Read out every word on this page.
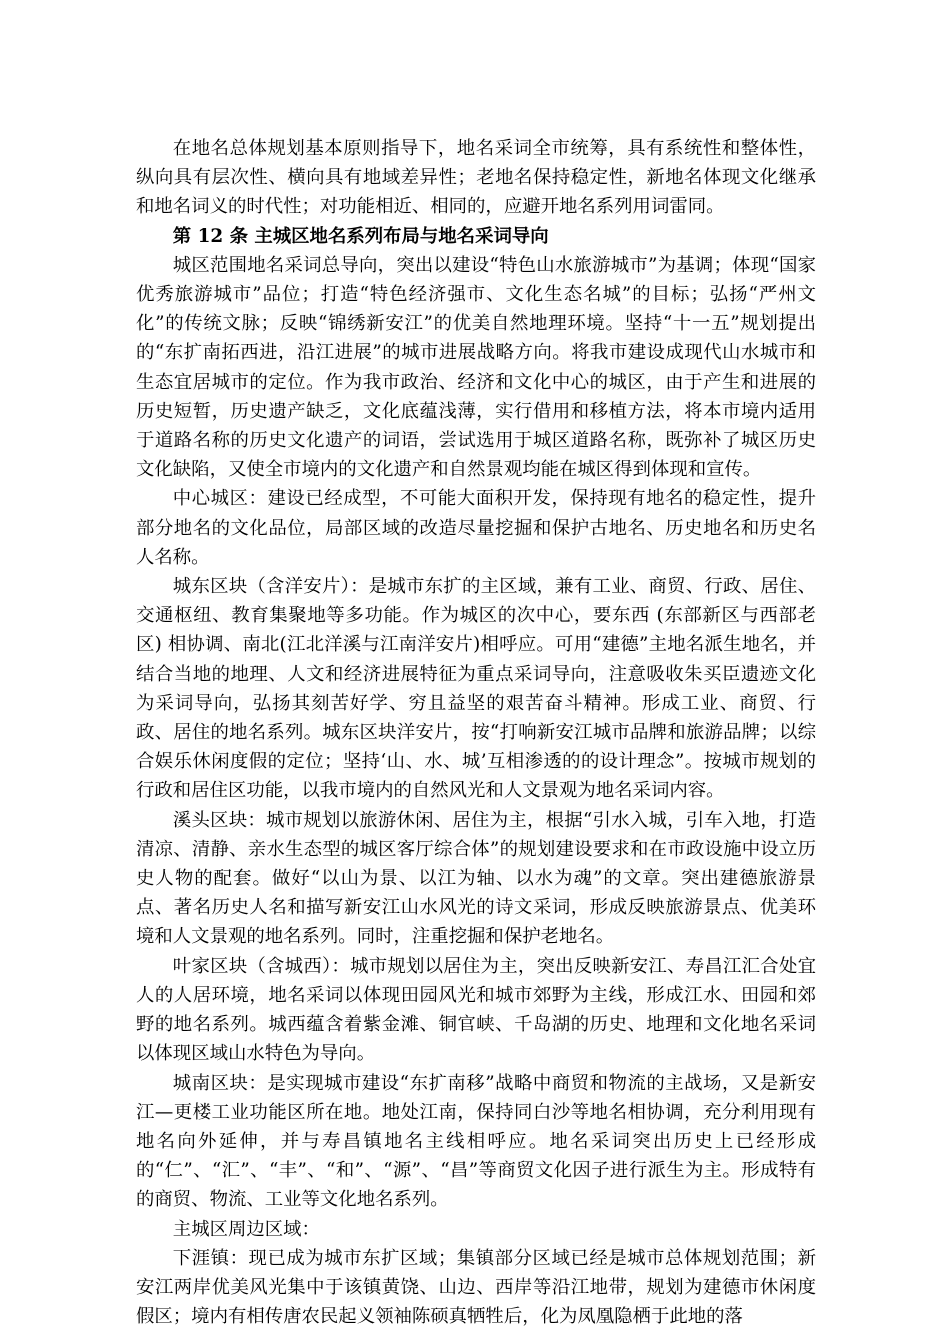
在地名总体规划基本原则指导下，地名采词全市统筹，具有系统性和整体性，纵向具有层次性、横向具有地域差异性；老地名保持稳定性，新地名体现文化继承和地名词义的时代性；对功能相近、相同的，应避开地名系列用词雷同。

第 12 条 主城区地名系列布局与地名采词导向

城区范围地名采词总导向，突出以建设“特色山水旅游城市”为基调；体现“国家优秀旅游城市”品位；打造“特色经济强市、文化生态名城”的目标；弘扬“严州文化”的传统文脉；反映“锦绣新安江”的优美自然地理环境。坚持“十一五”规划提出的“东扩南拓西进，沿江进展”的城市进展战略方向。将我市建设成现代山水城市和生态宜居城市的定位。作为我市政治、经济和文化中心的城区，由于产生和进展的历史短暂，历史遗产缺乏，文化底蕴浅薄，实行借用和移植方法，将本市境内适用于道路名称的历史文化遗产的词语，尝试选用于城区道路名称，既弥补了城区历史文化缺陷，又使全市境内的文化遗产和自然景观均能在城区得到体现和宣传。

中心城区：建设已经成型，不可能大面积开发，保持现有地名的稳定性，提升部分地名的文化品位，局部区域的改造尽量挖掘和保护古地名、历史地名和历史名人名称。

城东区块（含洋安片）：是城市东扩的主区域，兼有工业、商贸、行政、居住、交通枢纽、教育集聚地等多功能。作为城区的次中心，要东西 (东部新区与西部老区) 相协调、南北(江北洋溪与江南洋安片)相呼应。可用“建德”主地名派生地名，并结合当地的地理、人文和经济进展特征为重点采词导向，注意吸收朱买臣遗迹文化为采词导向，弘扬其刻苦好学、穷且益坚的艰苦奋斗精神。形成工业、商贸、行政、居住的地名系列。城东区块洋安片，按“打响新安江城市品牌和旅游品牌；以综合娱乐休闲度假的定位；坚持‘山、水、城’互相渗透的的设计理念”。按城市规划的行政和居住区功能，以我市境内的自然风光和人文景观为地名采词内容。

溪头区块：城市规划以旅游休闲、居住为主，根据“引水入城，引车入地，打造清凉、清静、亲水生态型的城区客厅综合体”的规划建设要求和在市政设施中设立历史人物的配套。做好“以山为景、以江为轴、以水为魂”的文章。突出建德旅游景点、著名历史人名和描写新安江山水风光的诗文采词，形成反映旅游景点、优美环境和人文景观的地名系列。同时，注重挖掘和保护老地名。

叶家区块（含城西）：城市规划以居住为主，突出反映新安江、寿昌江汇合处宜人的人居环境，地名采词以体现田园风光和城市郊野为主线，形成江水、田园和郊野的地名系列。城西蕴含着紫金滩、铜官峡、千岛湖的历史、地理和文化地名采词以体现区域山水特色为导向。

城南区块：是实现城市建设“东扩南移”战略中商贸和物流的主战场，又是新安江—更楼工业功能区所在地。地处江南，保持同白沙等地名相协调，充分利用现有地名向外延伸，并与寿昌镇地名主线相呼应。地名采词突出历史上已经形成的“仁”、“汇”、“丰”、“和”、“源”、“昌”等商贸文化因子进行派生为主。形成特有的商贸、物流、工业等文化地名系列。

主城区周边区域：

下涯镇：现已成为城市东扩区域；集镇部分区域已经是城市总体规划范围；新安江两岸优美风光集中于该镇黄饶、山边、西岸等沿江地带，规划为建德市休闲度假区；境内有相传唐农民起义领袖陈硕真牺牲后，化为凤凰隐栖于此地的落
